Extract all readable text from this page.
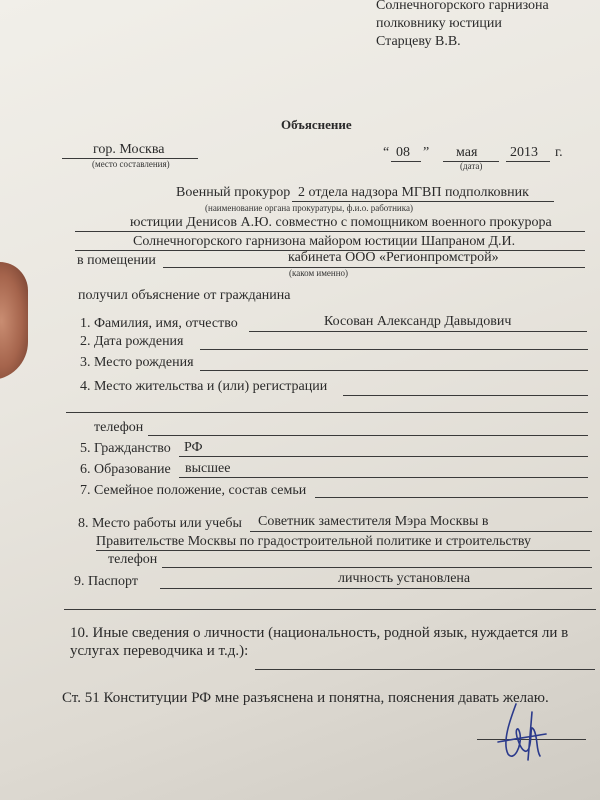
Солнечногорского гарнизона
полковнику юстиции
Старцеву В.В.
Объяснение
гор. Москва
(место составления)
“ 08 ” мая
(дата)
2013 г.
Военный прокурор 2 отдела надзора МГВП подполковник
(наименование органа прокуратуры, ф.и.о. работника)
юстиции Денисов А.Ю. совместно с помощником военного прокурора
Солнечногорского гарнизона майором юстиции Шапраном Д.И.
в помещении	кабинета ООО «Регионпромстрой»
(каком именно)
получил объяснение от гражданина
1. Фамилия, имя, отчество	Косован Александр Давыдович
2. Дата рождения
3. Место рождения
4. Место жительства и (или) регистрации
телефон
5. Гражданство РФ
6. Образование высшее
7. Семейное положение, состав семьи
8. Место работы или учебы Советник заместителя Мэра Москвы в
Правительстве Москвы по градостроительной политике и строительству
телефон
9. Паспорт	личность установлена
10. Иные сведения о личности (национальность, родной язык, нуждается ли в
услугах переводчика и т.д.):
Ст. 51 Конституции РФ мне разъяснена и понятна, пояснения давать желаю.
